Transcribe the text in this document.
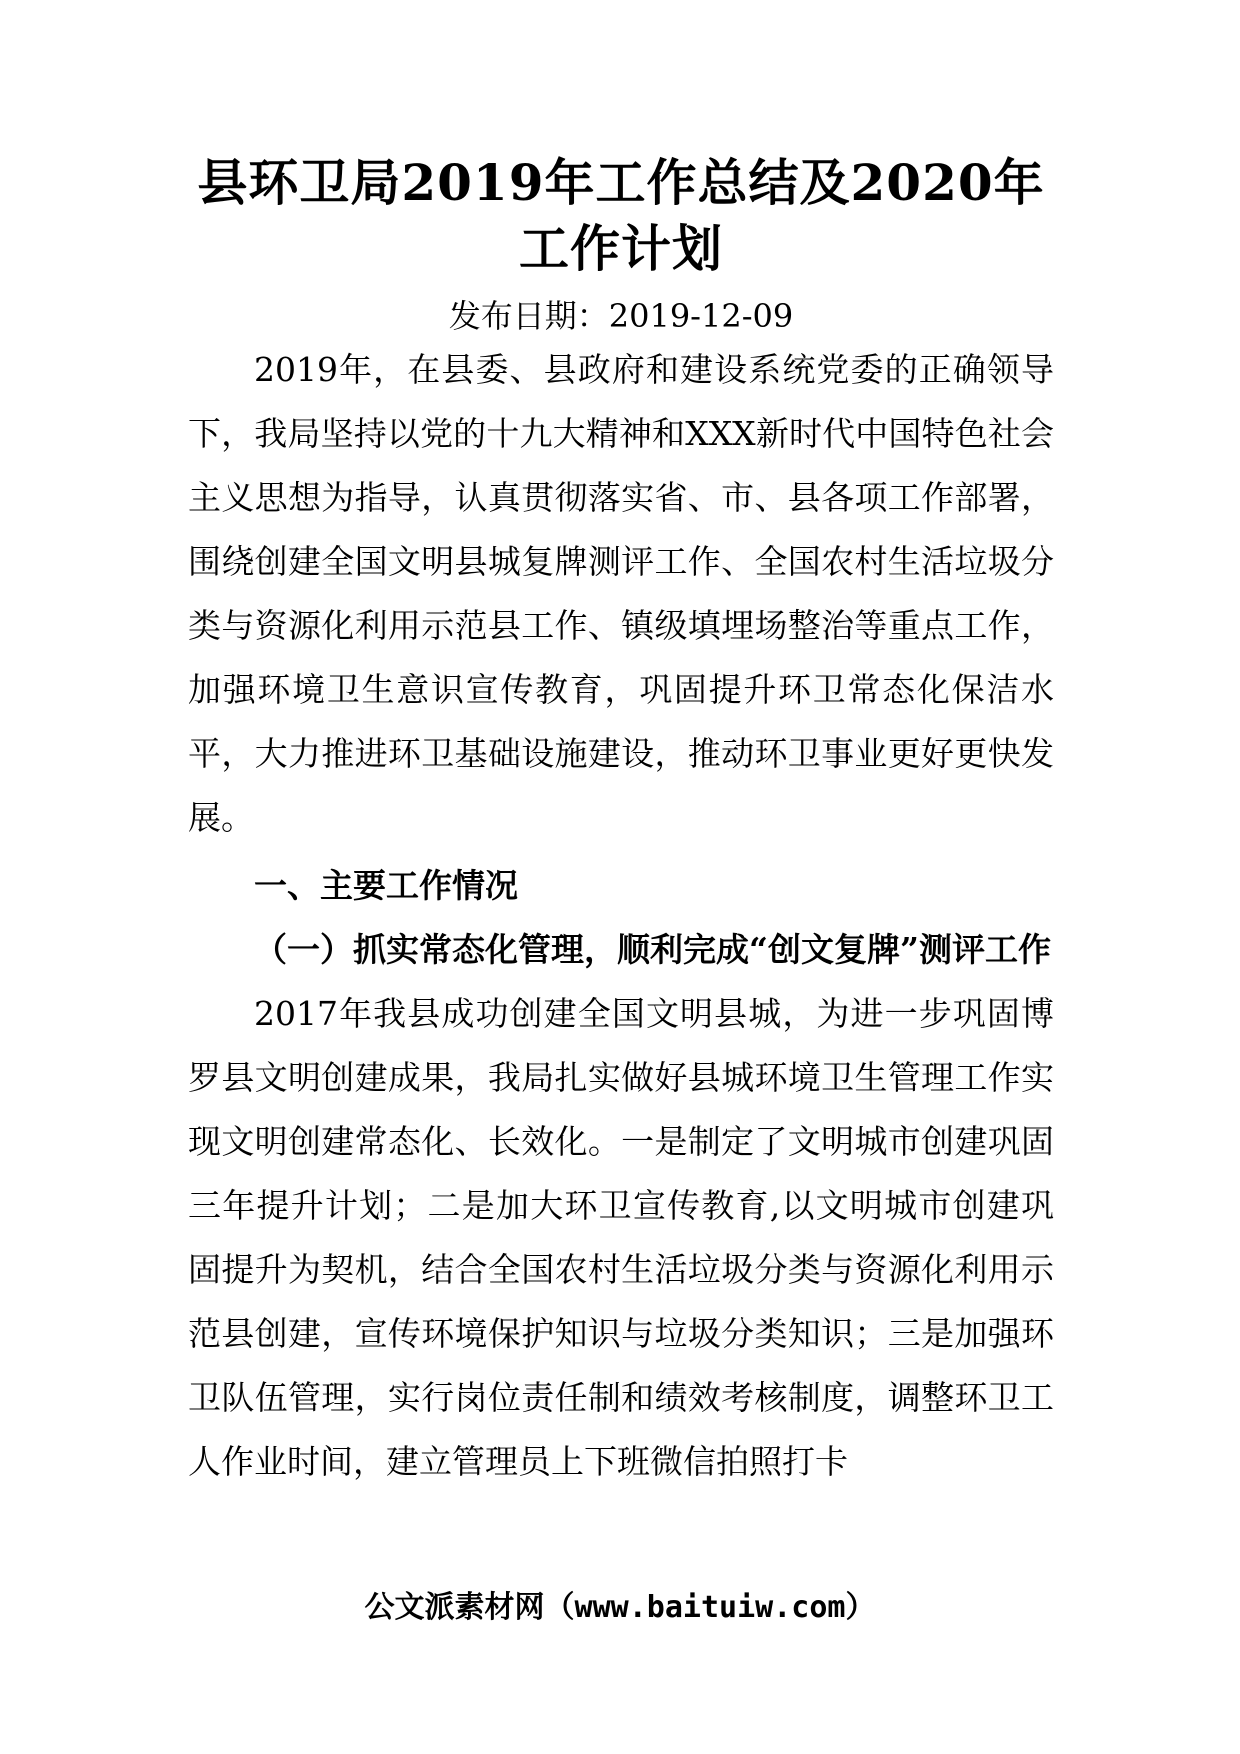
县环卫局2019年工作总结及2020年工作计划

发布日期：2019-12-09

2019年，在县委、县政府和建设系统党委的正确领导下，我局坚持以党的十九大精神和XXX新时代中国特色社会主义思想为指导，认真贯彻落实省、市、县各项工作部署，围绕创建全国文明县城复牌测评工作、全国农村生活垃圾分类与资源化利用示范县工作、镇级填埋场整治等重点工作，加强环境卫生意识宣传教育，巩固提升环卫常态化保洁水平，大力推进环卫基础设施建设，推动环卫事业更好更快发展。

一、主要工作情况

（一）抓实常态化管理，顺利完成“创文复牌”测评工作

2017年我县成功创建全国文明县城，为进一步巩固博罗县文明创建成果，我局扎实做好县城环境卫生管理工作实现文明创建常态化、长效化。一是制定了文明城市创建巩固三年提升计划；二是加大环卫宣传教育,以文明城市创建巩固提升为契机，结合全国农村生活垃圾分类与资源化利用示范县创建，宣传环境保护知识与垃圾分类知识；三是加强环卫队伍管理，实行岗位责任制和绩效考核制度，调整环卫工人作业时间，建立管理员上下班微信拍照打卡

公文派素材网（www.baituiw.com）
